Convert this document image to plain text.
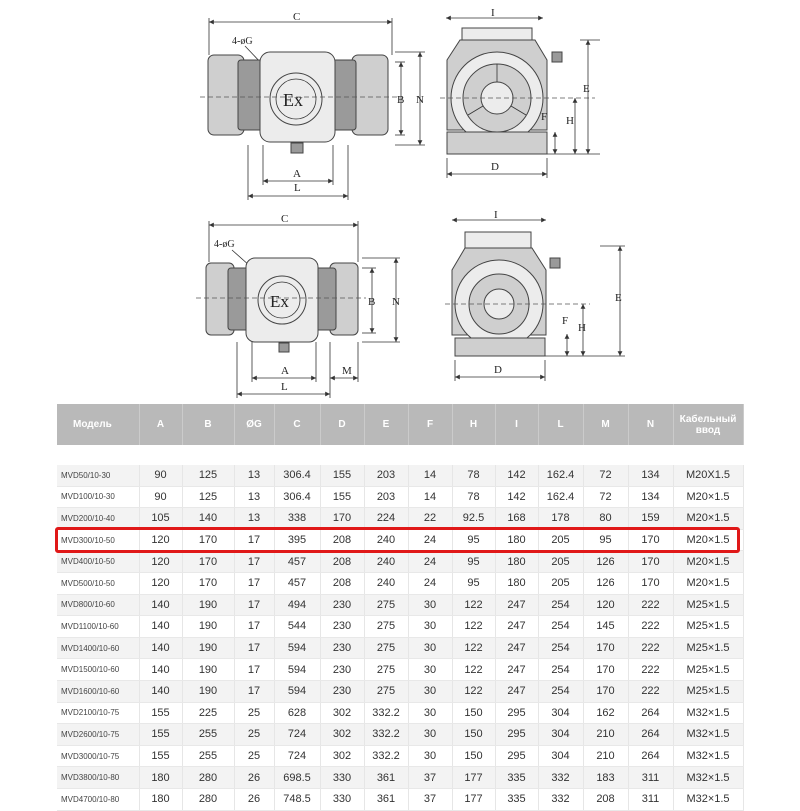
C
4-øG
Ex	B N
A
L
I
E
H
F
D
C
4-øG
Ex	B N
A
L
M
I
E
F
H
D
Модель	A	B	ØG	C	D	E	F	H	I	L	M	N	Кабельный ввод

MVD50/10-30	90	125	13	306.4	155	203	14	78	142	162.4	72	134	M20X1.5
MVD100/10-30	90	125	13	306.4	155	203	14	78	142	162.4	72	134	M20×1.5
MVD200/10-40	105	140	13	338	170	224	22	92.5	168	178	80	159	M20×1.5
MVD300/10-50	120	170	17	395	208	240	24	95	180	205	95	170	M20×1.5
MVD400/10-50	120	170	17	457	208	240	24	95	180	205	126	170	M20×1.5
MVD500/10-50	120	170	17	457	208	240	24	95	180	205	126	170	M20×1.5
MVD800/10-60	140	190	17	494	230	275	30	122	247	254	120	222	M25×1.5
MVD1100/10-60	140	190	17	544	230	275	30	122	247	254	145	222	M25×1.5
MVD1400/10-60	140	190	17	594	230	275	30	122	247	254	170	222	M25×1.5
MVD1500/10-60	140	190	17	594	230	275	30	122	247	254	170	222	M25×1.5
MVD1600/10-60	140	190	17	594	230	275	30	122	247	254	170	222	M25×1.5
MVD2100/10-75	155	225	25	628	302	332.2	30	150	295	304	162	264	M32×1.5
MVD2600/10-75	155	255	25	724	302	332.2	30	150	295	304	210	264	M32×1.5
MVD3000/10-75	155	255	25	724	302	332.2	30	150	295	304	210	264	M32×1.5
MVD3800/10-80	180	280	26	698.5	330	361	37	177	335	332	183	311	M32×1.5
MVD4700/10-80	180	280	26	748.5	330	361	37	177	335	332	208	311	M32×1.5
